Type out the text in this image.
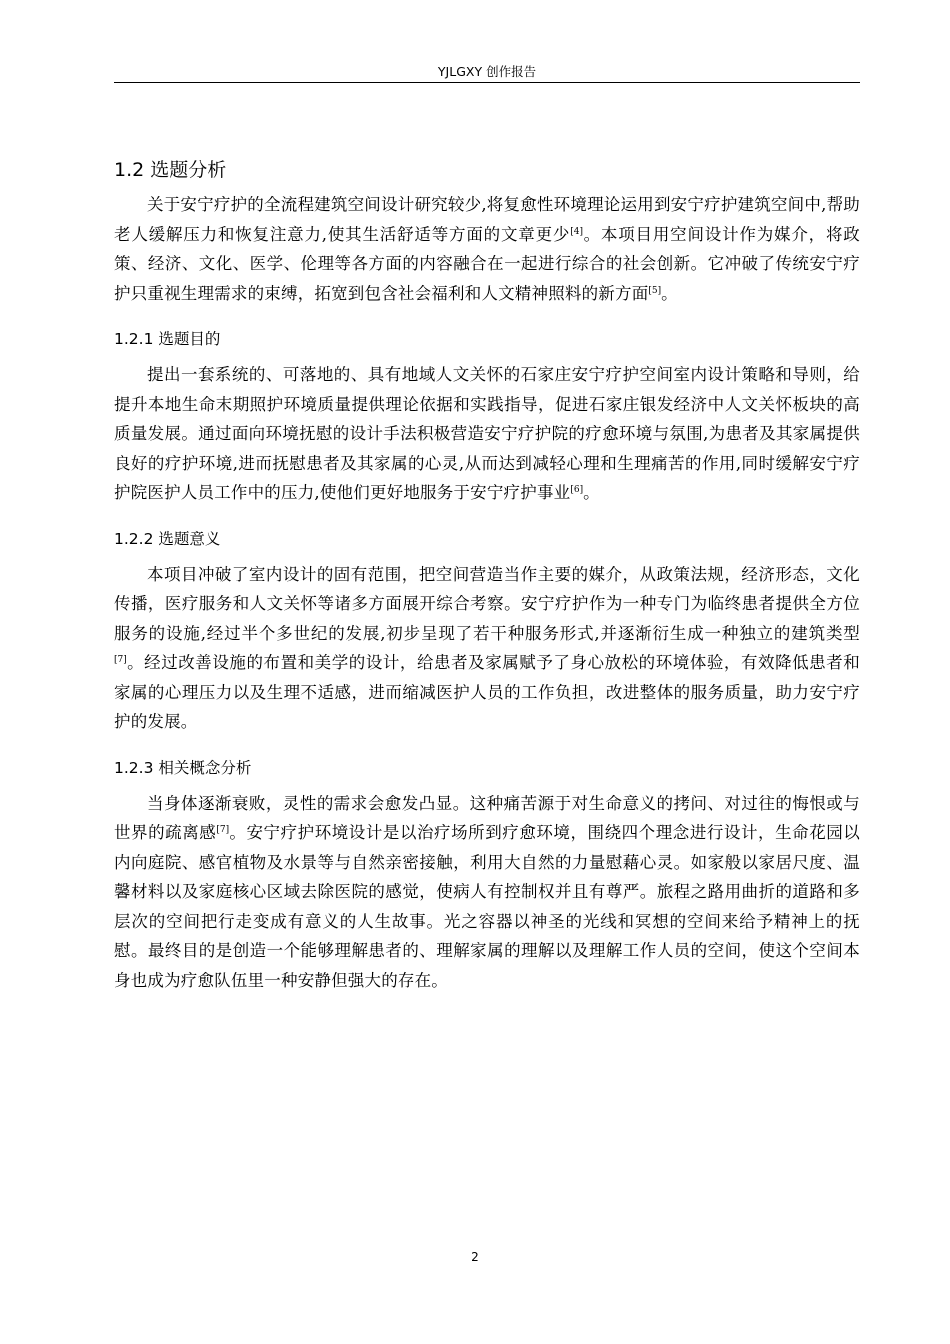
YJLGXY 创作报告
1.2 选题分析

关于安宁疗护的全流程建筑空间设计研究较少,将复愈性环境理论运用到安宁疗护建筑空间中,帮助老人缓解压力和恢复注意力,使其生活舒适等方面的文章更少[4]。本项目用空间设计作为媒介，将政策、经济、文化、医学、伦理等各方面的内容融合在一起进行综合的社会创新。它冲破了传统安宁疗护只重视生理需求的束缚，拓宽到包含社会福利和人文精神照料的新方面[5]。

1.2.1 选题目的

提出一套系统的、可落地的、具有地域人文关怀的石家庄安宁疗护空间室内设计策略和导则，给提升本地生命末期照护环境质量提供理论依据和实践指导，促进石家庄银发经济中人文关怀板块的高质量发展。通过面向环境抚慰的设计手法积极营造安宁疗护院的疗愈环境与氛围,为患者及其家属提供良好的疗护环境,进而抚慰患者及其家属的心灵,从而达到减轻心理和生理痛苦的作用,同时缓解安宁疗护院医护人员工作中的压力,使他们更好地服务于安宁疗护事业[6]。

1.2.2 选题意义

本项目冲破了室内设计的固有范围，把空间营造当作主要的媒介，从政策法规，经济形态，文化传播，医疗服务和人文关怀等诸多方面展开综合考察。安宁疗护作为一种专门为临终患者提供全方位服务的设施,经过半个多世纪的发展,初步呈现了若干种服务形式,并逐渐衍生成一种独立的建筑类型[7]。经过改善设施的布置和美学的设计，给患者及家属赋予了身心放松的环境体验，有效降低患者和家属的心理压力以及生理不适感，进而缩减医护人员的工作负担，改进整体的服务质量，助力安宁疗护的发展。

1.2.3 相关概念分析

当身体逐渐衰败，灵性的需求会愈发凸显。这种痛苦源于对生命意义的拷问、对过往的悔恨或与世界的疏离感[7]。安宁疗护环境设计是以治疗场所到疗愈环境，围绕四个理念进行设计，生命花园以内向庭院、感官植物及水景等与自然亲密接触，利用大自然的力量慰藉心灵。如家般以家居尺度、温馨材料以及家庭核心区域去除医院的感觉，使病人有控制权并且有尊严。旅程之路用曲折的道路和多层次的空间把行走变成有意义的人生故事。光之容器以神圣的光线和冥想的空间来给予精神上的抚慰。最终目的是创造一个能够理解患者的、理解家属的理解以及理解工作人员的空间，使这个空间本身也成为疗愈队伍里一种安静但强大的存在。

2
